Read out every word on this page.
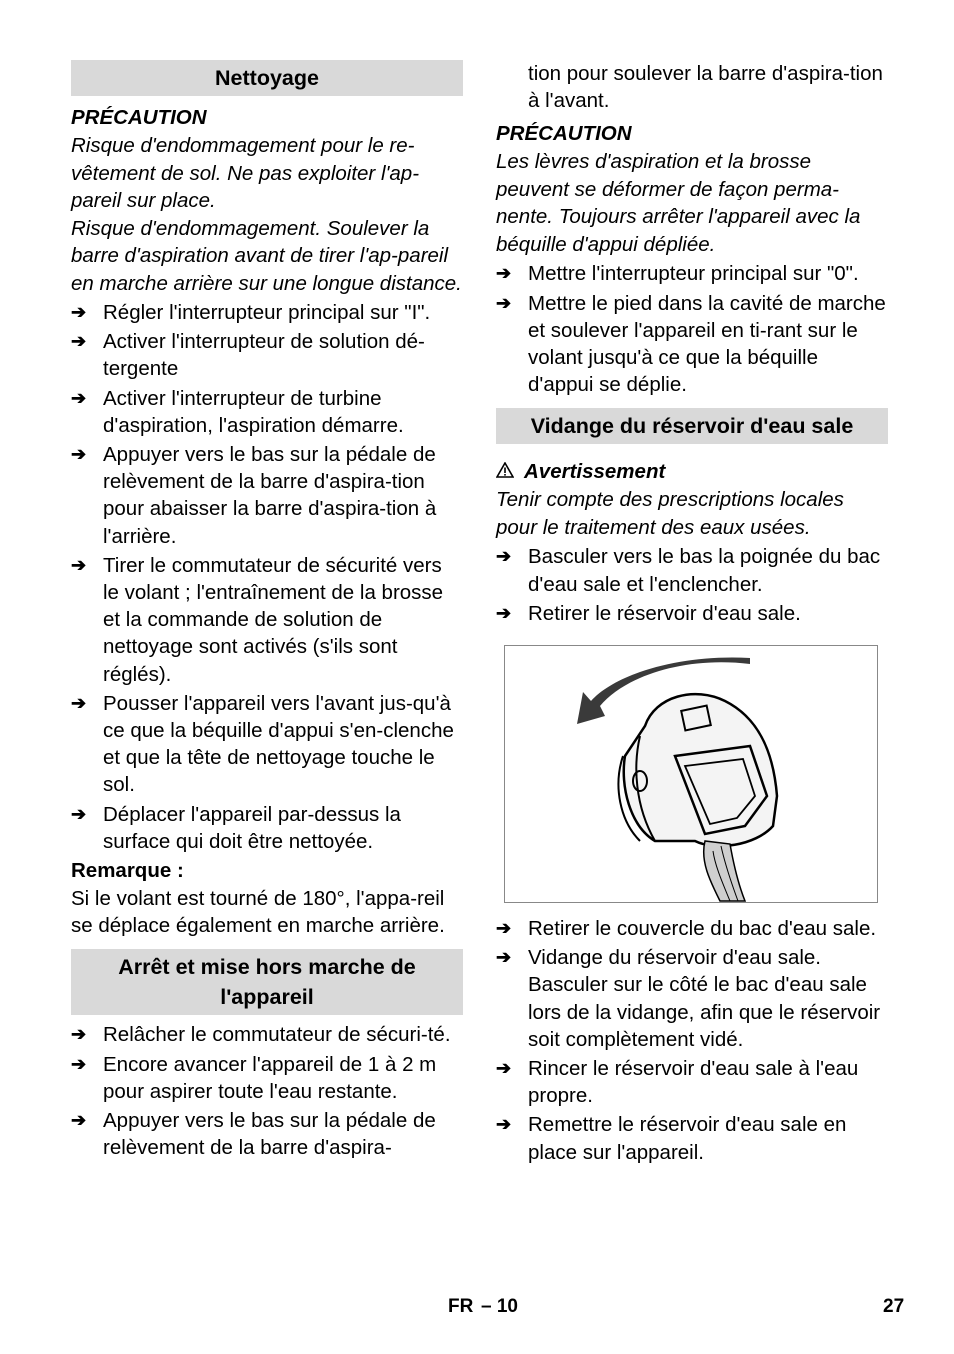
Nettoyage
PRÉCAUTION
Risque d'endommagement pour le re-vêtement de sol. Ne pas exploiter l'ap-pareil sur place.
Risque d'endommagement. Soulever la barre d'aspiration avant de tirer l'ap-pareil en marche arrière sur une longue distance.
➔ Régler l'interrupteur principal sur "I".
➔ Activer l'interrupteur de solution dé-tergente
➔ Activer l'interrupteur de turbine d'aspiration, l'aspiration démarre.
➔ Appuyer vers le bas sur la pédale de relèvement de la barre d'aspira-tion pour abaisser la barre d'aspira-tion à l'arrière.
➔ Tirer le commutateur de sécurité vers le volant ; l'entraînement de la brosse et la commande de solution de nettoyage sont activés (s'ils sont réglés).
➔ Pousser l'appareil vers l'avant jus-qu'à ce que la béquille d'appui s'en-clenche et que la tête de nettoyage touche le sol.
➔ Déplacer l'appareil par-dessus la surface qui doit être nettoyée.
Remarque :
Si le volant est tourné de 180°, l'appa-reil se déplace également en marche arrière.
Arrêt et mise hors marche de l'appareil
➔ Relâcher le commutateur de sécuri-té.
➔ Encore avancer l'appareil de 1 à 2 m pour aspirer toute l'eau restante.
➔ Appuyer vers le bas sur la pédale de relèvement de la barre d'aspira-
tion pour soulever la barre d'aspira-tion à l'avant.
PRÉCAUTION
Les lèvres d'aspiration et la brosse peuvent se déformer de façon perma-nente. Toujours arrêter l'appareil avec la béquille d'appui dépliée.
➔ Mettre l'interrupteur principal sur "0".
➔ Mettre le pied dans la cavité de marche et soulever l'appareil en ti-rant sur le volant jusqu'à ce que la béquille d'appui se déplie.
Vidange du réservoir d'eau sale
Avertissement
Tenir compte des prescriptions locales pour le traitement des eaux usées.
➔ Basculer vers le bas la poignée du bac d'eau sale et l'enclencher.
➔ Retirer le réservoir d'eau sale.
➔ Retirer le couvercle du bac d'eau sale.
➔ Vidange du réservoir d'eau sale. Basculer sur le côté le bac d'eau sale lors de la vidange, afin que le réservoir soit complètement vidé.
➔ Rincer le réservoir d'eau sale à l'eau propre.
➔ Remettre le réservoir d'eau sale en place sur l'appareil.
FR – 10	27
